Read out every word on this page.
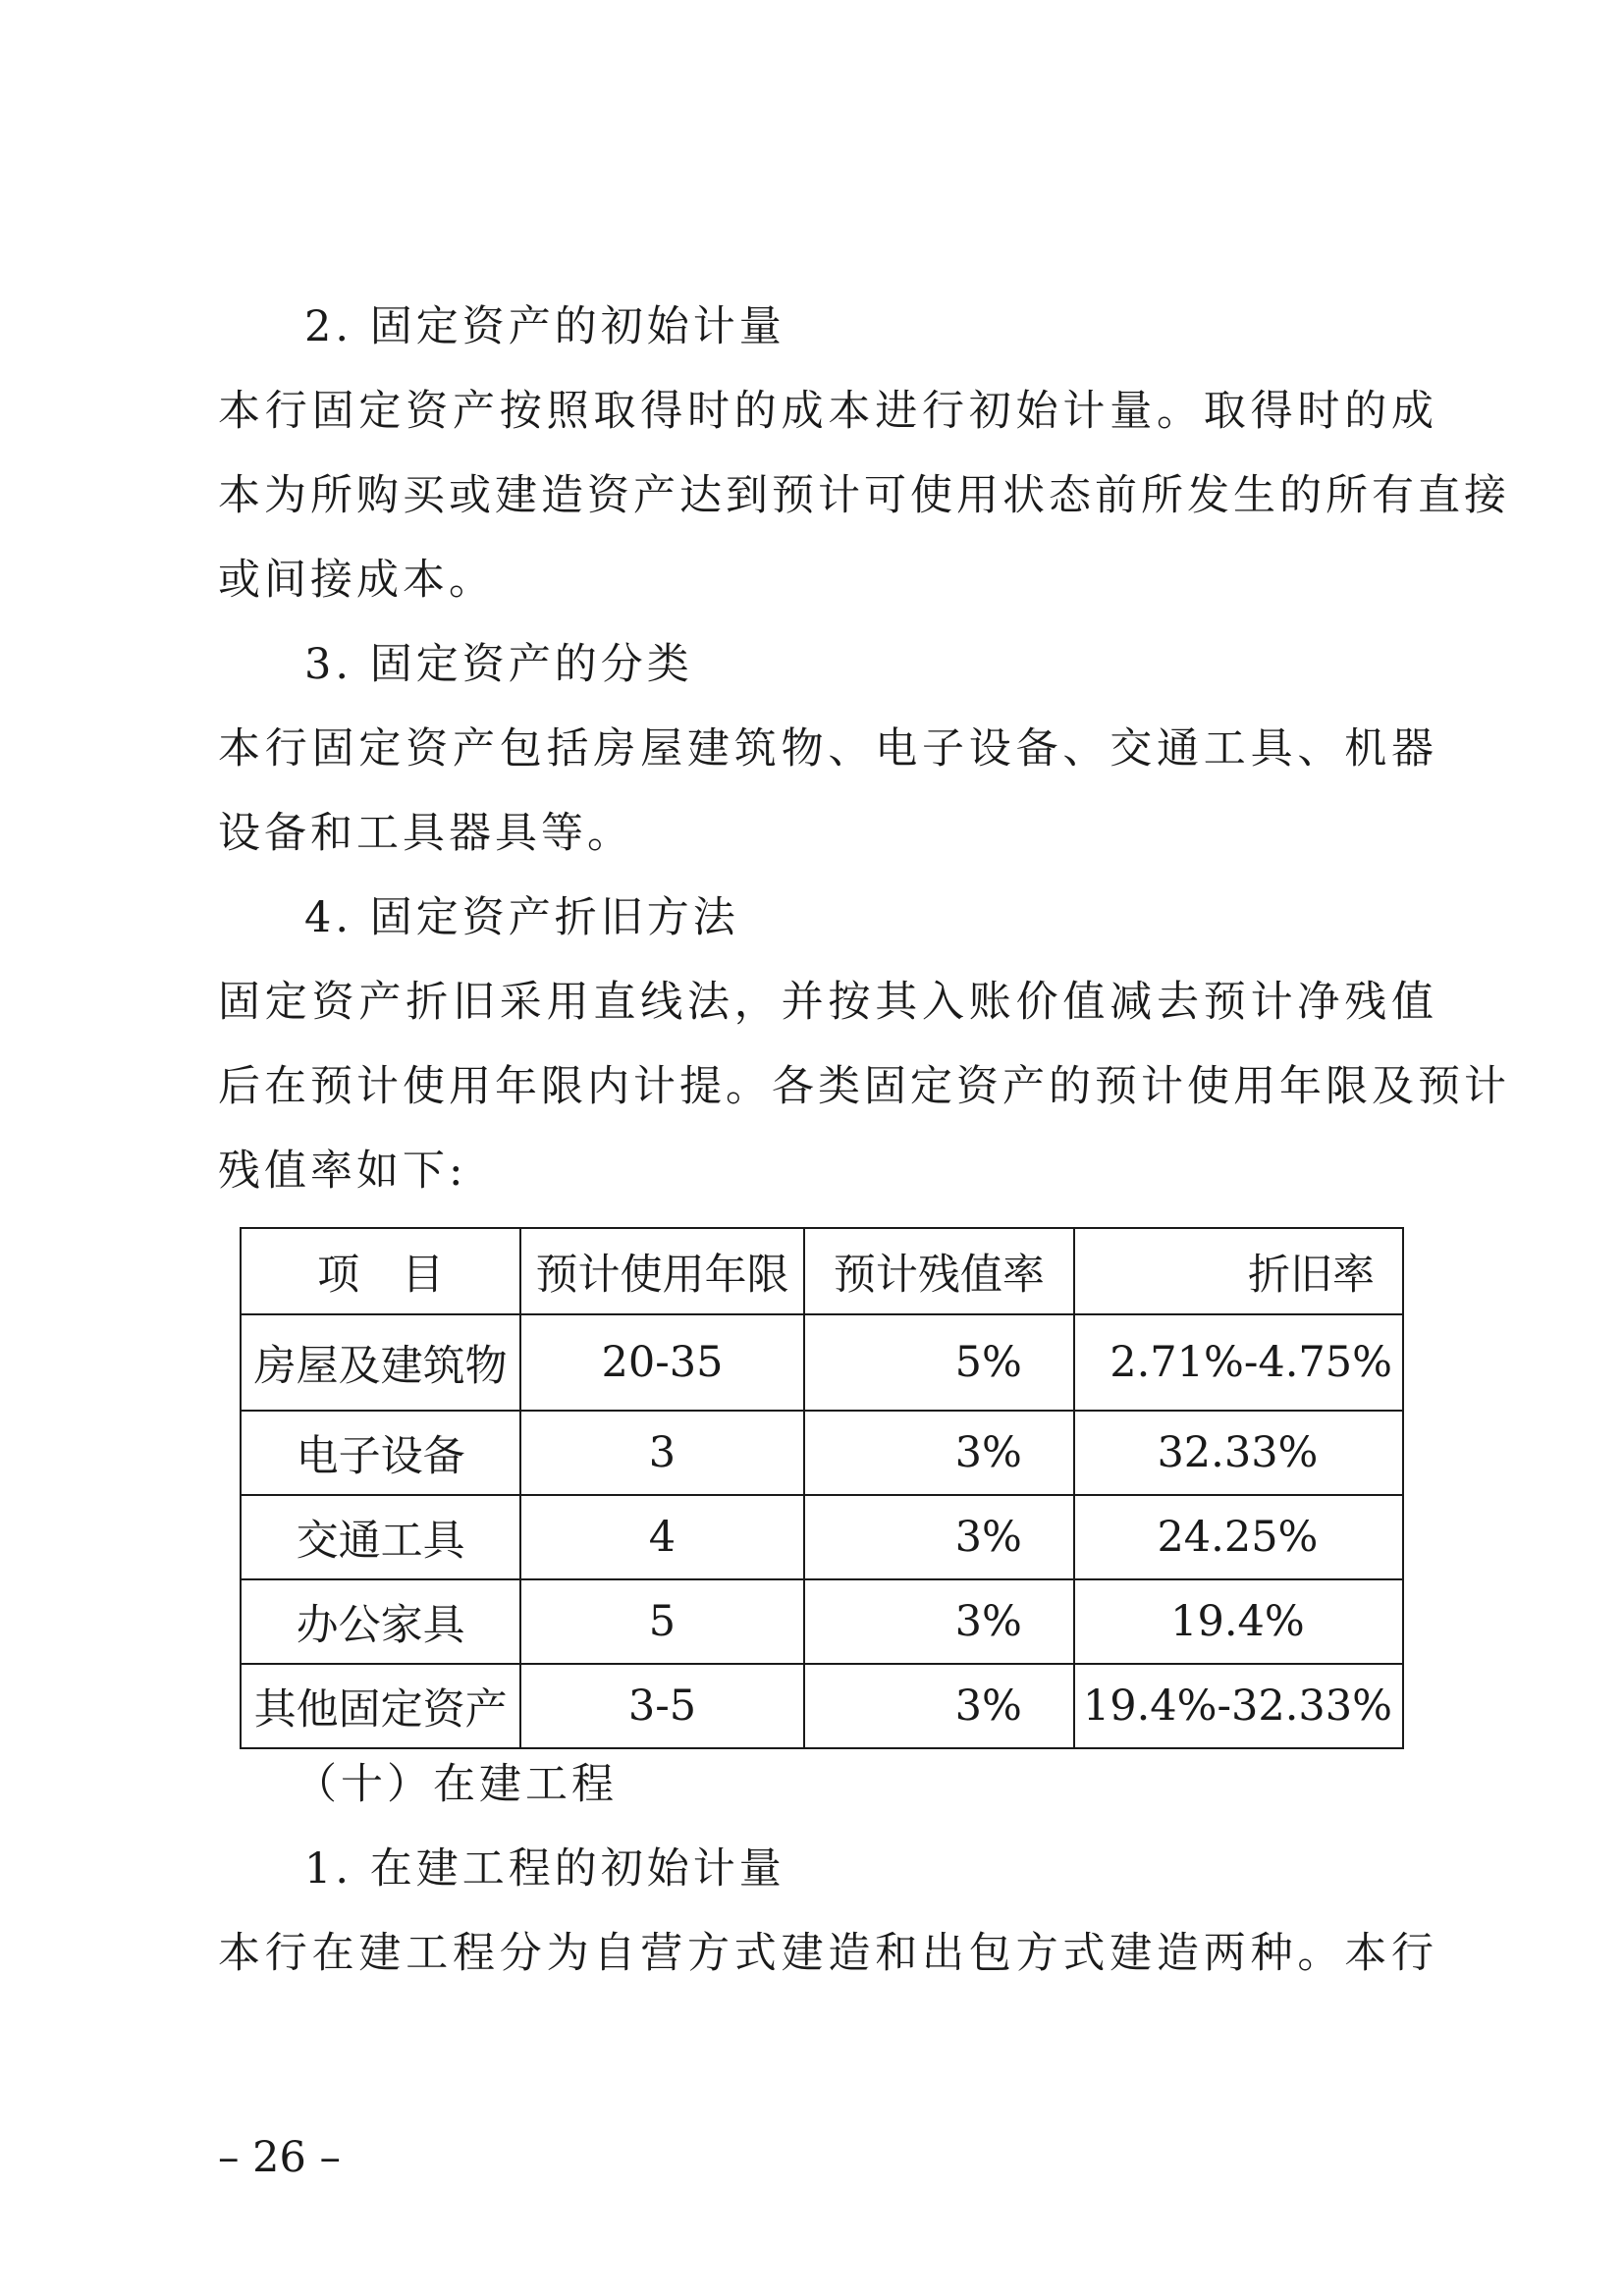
2. 固定资产的初始计量
本行固定资产按照取得时的成本进行初始计量。取得时的成
本为所购买或建造资产达到预计可使用状态前所发生的所有直接
或间接成本。
3. 固定资产的分类
本行固定资产包括房屋建筑物、电子设备、交通工具、机器
设备和工具器具等。
4. 固定资产折旧方法
固定资产折旧采用直线法，并按其入账价值减去预计净残值
后在预计使用年限内计提。各类固定资产的预计使用年限及预计
残值率如下:
项　目	预计使用年限	预计残值率	折旧率
房屋及建筑物	20-35	5%	2.71%-4.75%
电子设备	3	3%	32.33%
交通工具	4	3%	24.25%
办公家具	5	3%	19.4%
其他固定资产	3-5	3%	19.4%-32.33%
（十）在建工程
1. 在建工程的初始计量
本行在建工程分为自营方式建造和出包方式建造两种。本行
– 26 –
